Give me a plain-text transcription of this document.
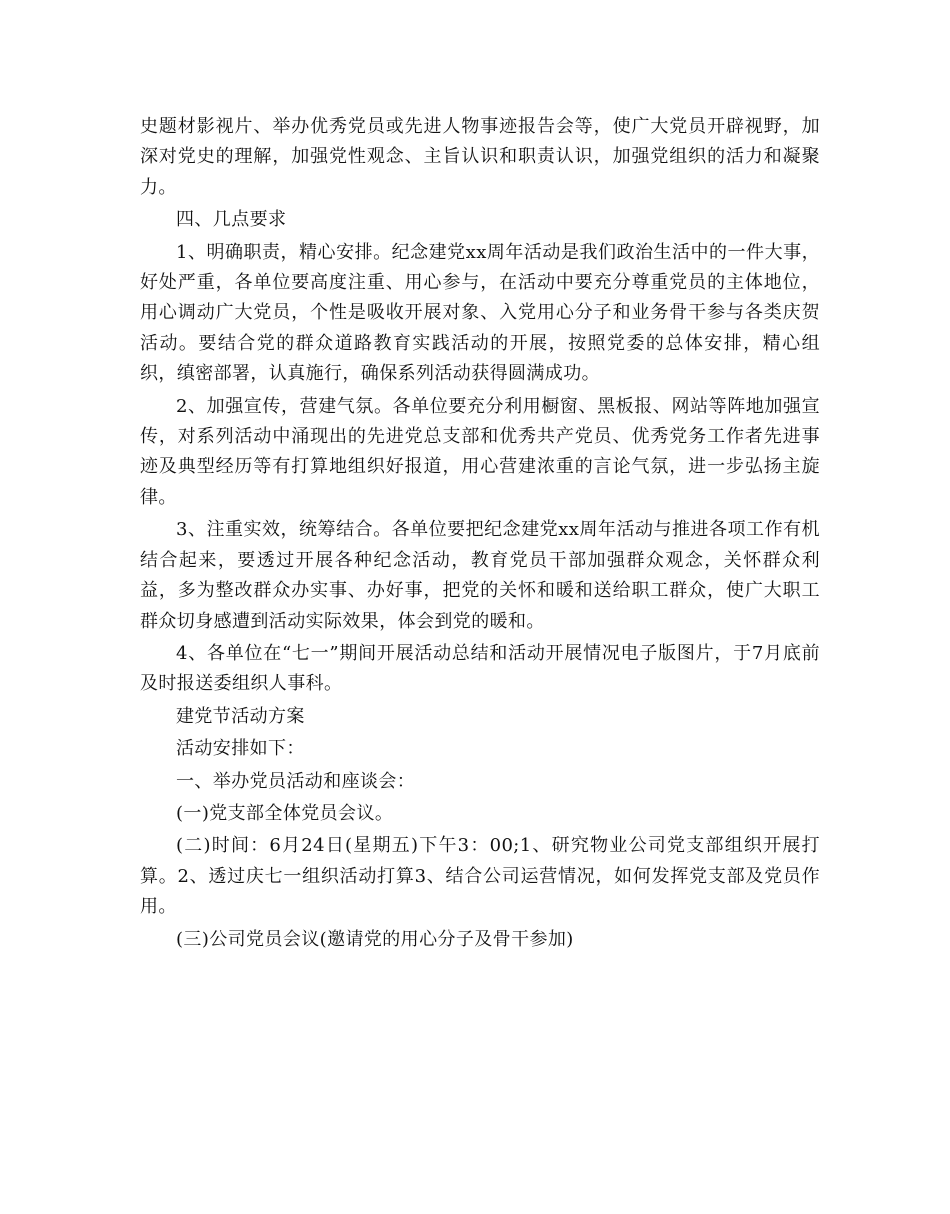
史题材影视片、举办优秀党员或先进人物事迹报告会等，使广大党员开辟视野，加深对党史的理解，加强党性观念、主旨认识和职责认识，加强党组织的活力和凝聚力。

四、几点要求

1、明确职责，精心安排。纪念建党xx周年活动是我们政治生活中的一件大事，好处严重，各单位要高度注重、用心参与，在活动中要充分尊重党员的主体地位，用心调动广大党员，个性是吸收开展对象、入党用心分子和业务骨干参与各类庆贺活动。要结合党的群众道路教育实践活动的开展，按照党委的总体安排，精心组织，缜密部署，认真施行，确保系列活动获得圆满成功。

2、加强宣传，营建气氛。各单位要充分利用橱窗、黑板报、网站等阵地加强宣传，对系列活动中涌现出的先进党总支部和优秀共产党员、优秀党务工作者先进事迹及典型经历等有打算地组织好报道，用心营建浓重的言论气氛，进一步弘扬主旋律。

3、注重实效，统筹结合。各单位要把纪念建党xx周年活动与推进各项工作有机结合起来，要透过开展各种纪念活动，教育党员干部加强群众观念，关怀群众利益，多为整改群众办实事、办好事，把党的关怀和暖和送给职工群众，使广大职工群众切身感遭到活动实际效果，体会到党的暖和。

4、各单位在“七一”期间开展活动总结和活动开展情况电子版图片，于7月底前及时报送委组织人事科。

建党节活动方案

活动安排如下：

一、举办党员活动和座谈会：

(一)党支部全体党员会议。

(二)时间：6月24日(星期五)下午3：00;1、研究物业公司党支部组织开展打算。2、透过庆七一组织活动打算3、结合公司运营情况，如何发挥党支部及党员作用。

(三)公司党员会议(邀请党的用心分子及骨干参加)
